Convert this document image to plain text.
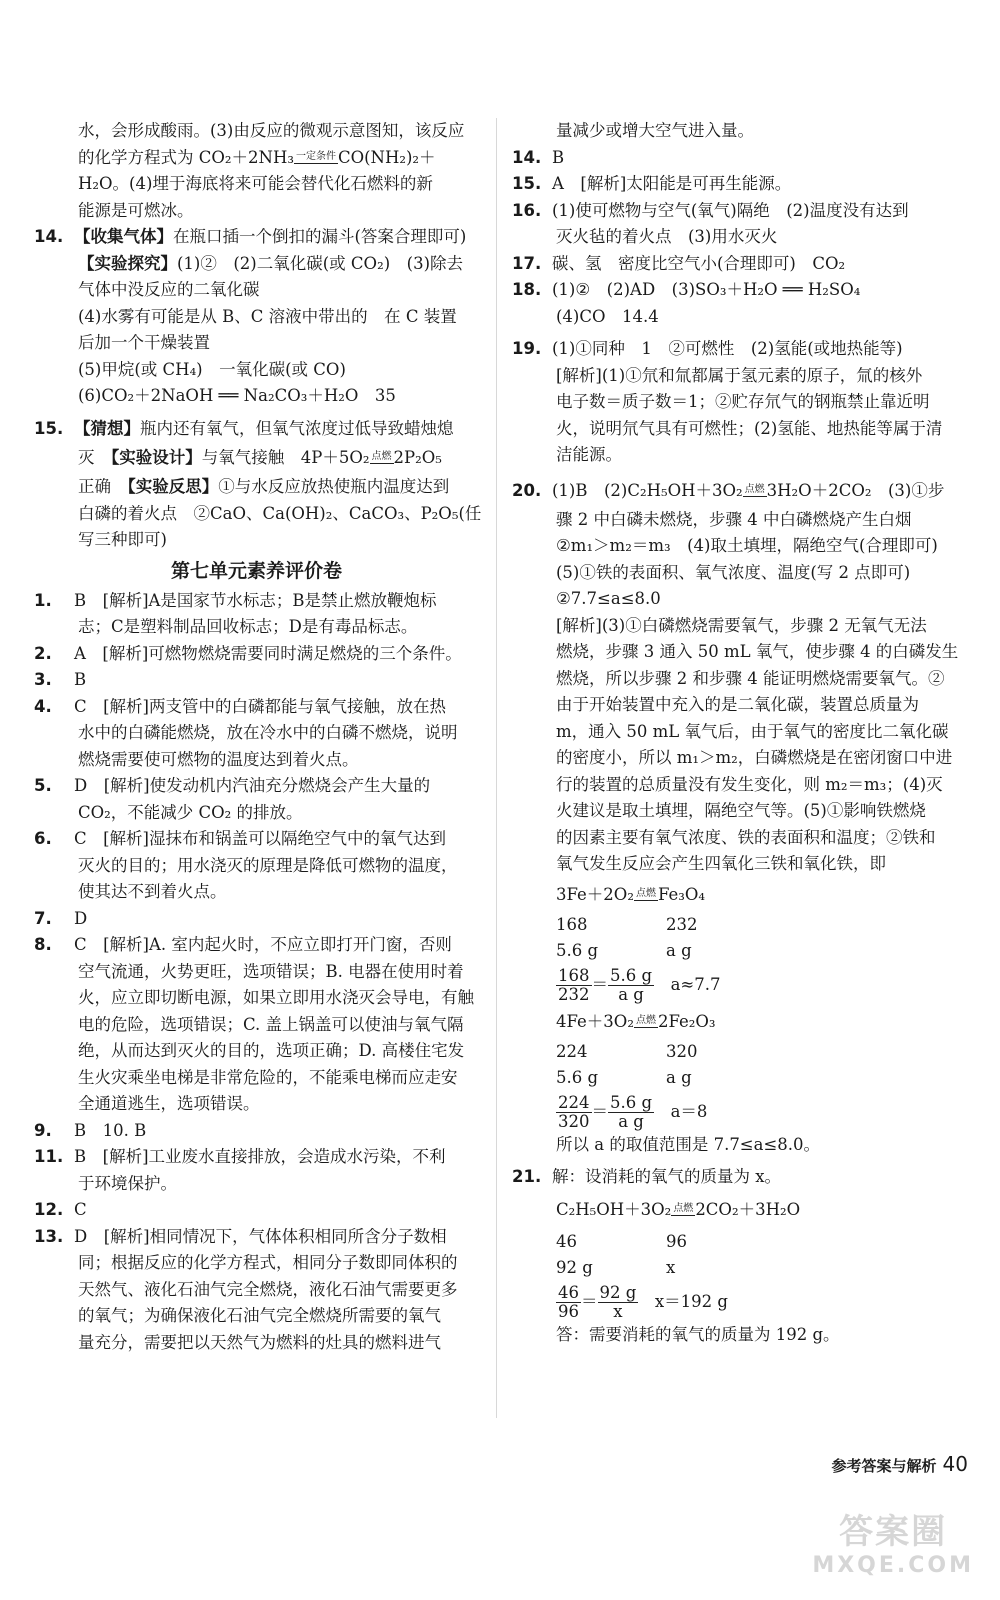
水，会形成酸雨。(3)由反应的微观示意图知，该反应
的化学方程式为 CO₂＋2NH₃ 一定条件 CO(NH₂)₂＋
H₂O。(4)埋于海底将来可能会替代化石燃料的新
能源是可燃冰。
14. 【收集气体】在瓶口插一个倒扣的漏斗(答案合理即可)
【实验探究】(1)②　(2)二氧化碳(或 CO₂)　(3)除去
气体中没反应的二氧化碳
(4)水雾有可能是从 B、C 溶液中带出的　在 C 装置
后加一个干燥装置
(5)甲烷(或 CH₄)　一氧化碳(或 CO)
(6)CO₂＋2NaOH ══ Na₂CO₃＋H₂O　35
15. 【猜想】瓶内还有氧气，但氧气浓度过低导致蜡烛熄
灭　【实验设计】与氧气接触　4P＋5O₂ 点燃 2P₂O₅
正确　【实验反思】①与水反应放热使瓶内温度达到
白磷的着火点　②CaO、Ca(OH)₂、CaCO₃、P₂O₅(任
写三种即可)
第七单元素养评价卷
1. B　[解析]A是国家节水标志；B是禁止燃放鞭炮标
志；C是塑料制品回收标志；D是有毒品标志。
2. A　[解析]可燃物燃烧需要同时满足燃烧的三个条件。
3. B
4. C　[解析]两支管中的白磷都能与氧气接触，放在热
水中的白磷能燃烧，放在冷水中的白磷不燃烧，说明
燃烧需要使可燃物的温度达到着火点。
5. D　[解析]使发动机内汽油充分燃烧会产生大量的
CO₂，不能减少 CO₂ 的排放。
6. C　[解析]湿抹布和锅盖可以隔绝空气中的氧气达到
灭火的目的；用水浇灭的原理是降低可燃物的温度，
使其达不到着火点。
7. D
8. C　[解析]A. 室内起火时，不应立即打开门窗，否则
空气流通，火势更旺，选项错误；B. 电器在使用时着
火，应立即切断电源，如果立即用水浇灭会导电，有触
电的危险，选项错误；C. 盖上锅盖可以使油与氧气隔
绝，从而达到灭火的目的，选项正确；D. 高楼住宅发
生火灾乘坐电梯是非常危险的，不能乘电梯而应走安
全通道逃生，选项错误。
9. B　10. B
11. B　[解析]工业废水直接排放，会造成水污染，不利
于环境保护。
12. C
13. D　[解析]相同情况下，气体体积相同所含分子数相
同；根据反应的化学方程式，相同分子数即同体积的
天然气、液化石油气完全燃烧，液化石油气需要更多
的氧气；为确保液化石油气完全燃烧所需要的氧气
量充分，需要把以天然气为燃料的灶具的燃料进气
量减少或增大空气进入量。
14. B
15. A　[解析]太阳能是可再生能源。
16. (1)使可燃物与空气(氧气)隔绝　(2)温度没有达到
灭火毡的着火点　(3)用水灭火
17. 碳、氢　密度比空气小(合理即可)　CO₂
18. (1)②　(2)AD　(3)SO₃＋H₂O ══ H₂SO₄
(4)CO　14.4
19. (1)①同种　1　②可燃性　(2)氢能(或地热能等)
[解析](1)①氘和氚都属于氢元素的原子，氚的核外
电子数＝质子数＝1；②贮存氘气的钢瓶禁止靠近明
火，说明氘气具有可燃性；(2)氢能、地热能等属于清
洁能源。
20. (1)B　(2)C₂H₅OH＋3O₂ 点燃 3H₂O＋2CO₂　(3)①步
骤 2 中白磷未燃烧，步骤 4 中白磷燃烧产生白烟
②m₁＞m₂＝m₃　(4)取土填埋，隔绝空气(合理即可)
(5)①铁的表面积、氧气浓度、温度(写 2 点即可)
②7.7≤a≤8.0
[解析](3)①白磷燃烧需要氧气，步骤 2 无氧气无法
燃烧，步骤 3 通入 50 mL 氧气，使步骤 4 的白磷发生
燃烧，所以步骤 2 和步骤 4 能证明燃烧需要氧气。②
由于开始装置中充入的是二氧化碳，装置总质量为
m，通入 50 mL 氧气后，由于氧气的密度比二氧化碳
的密度小，所以 m₁＞m₂，白磷燃烧是在密闭窗口中进
行的装置的总质量没有发生变化，则 m₂＝m₃；(4)灭
火建议是取土填埋，隔绝空气等。(5)①影响铁燃烧
的因素主要有氧气浓度、铁的表面积和温度；②铁和
氧气发生反应会产生四氧化三铁和氧化铁，即
3Fe＋2O₂ 点燃 Fe₃O₄
168	232
5.6 g	a g
$\frac{168}{232} = \frac{5.6 g}{\text{a g}}$
　 a≈7.7
4Fe＋3O₂ 点燃 2Fe₂O₃
224	320
5.6 g	a g
$\frac{224}{320} = \frac{5.6 g}{\text{a g}}$
　 a＝8
所以 a 的取值范围是 7.7≤a≤8.0。
21. 解：设消耗的氧气的质量为 x。
C₂H₅OH＋3O₂ 点燃 2CO₂＋3H₂O
46	96
92 g	x
$\frac{46}{96} = \frac{92 g}{x}$
　 x＝192 g
答：需要消耗的氧气的质量为 192 g。
参考答案与解析 40
答案圈
MXQE.COM
